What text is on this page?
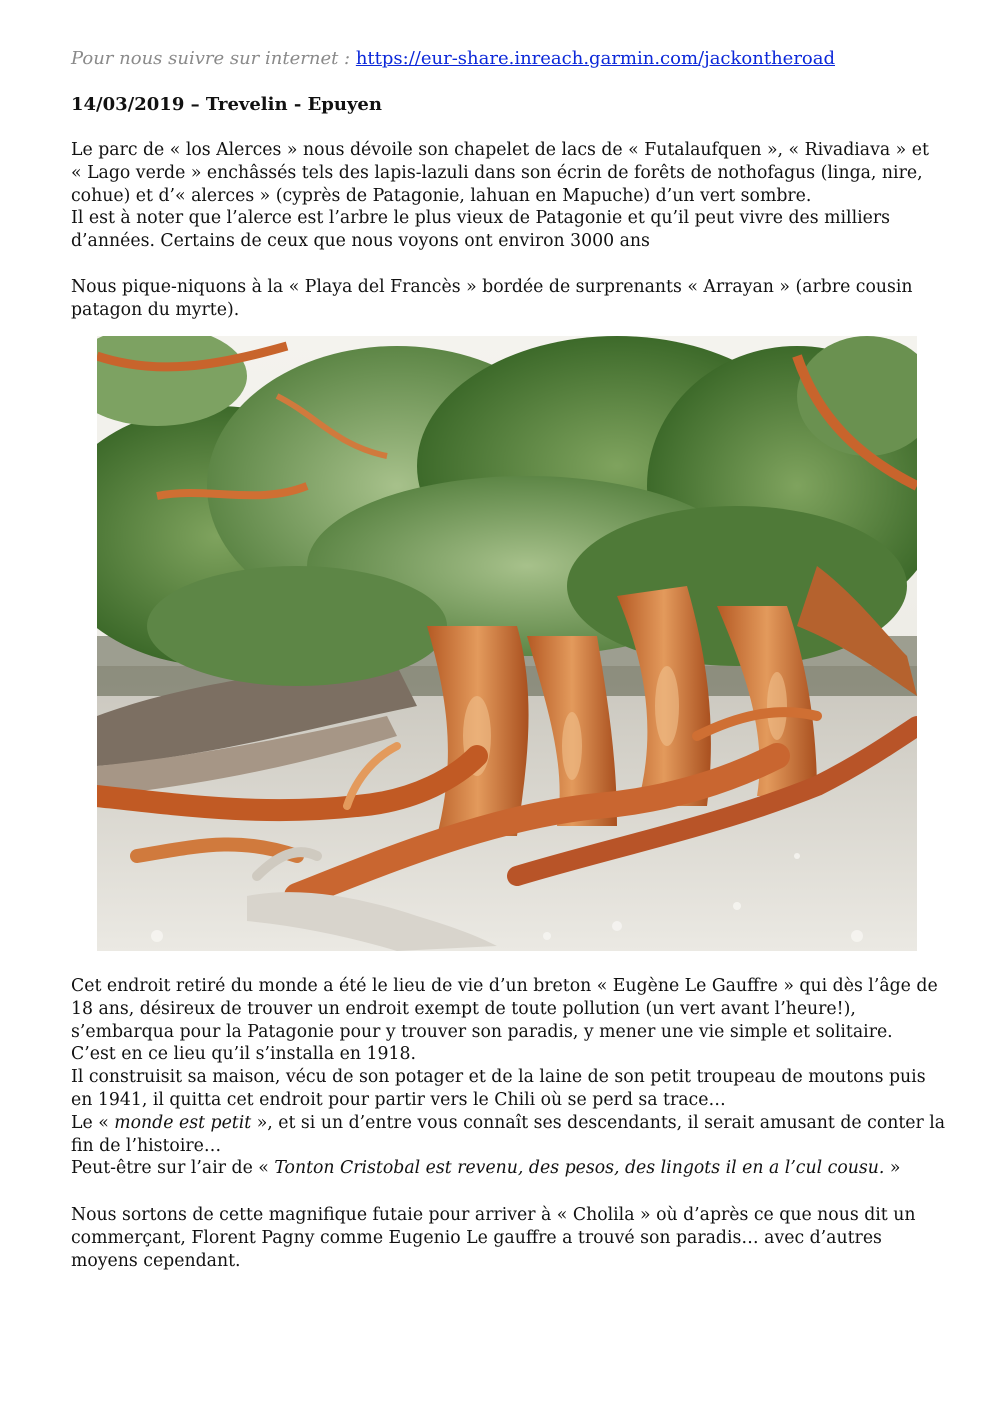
Pour nous suivre sur internet : https://eur-share.inreach.garmin.com/jackontheroad
14/03/2019 – Trevelin - Epuyen
Le parc de « los Alerces » nous dévoile son chapelet de lacs de « Futalaufquen », « Rivadiava » et
« Lago verde » enchâssés tels des lapis-lazuli dans son écrin de forêts de nothofagus (linga, nire,
cohue) et d’« alerces » (cyprès de Patagonie, lahuan en Mapuche) d’un vert sombre.
Il est à noter que l’alerce est l’arbre le plus vieux de Patagonie et qu’il peut vivre des milliers
d’années. Certains de ceux que nous voyons ont environ 3000 ans
Nous pique-niquons à la « Playa del Francès » bordée de surprenants « Arrayan » (arbre cousin
patagon du myrte).
Cet endroit retiré du monde a été le lieu de vie d’un breton « Eugène Le Gauffre » qui dès l’âge de
18 ans, désireux de trouver un endroit exempt de toute pollution (un vert avant l’heure!),
s’embarqua pour la Patagonie pour y trouver son paradis, y mener une vie simple et solitaire.
C’est en ce lieu qu’il s’installa en 1918.
Il construisit sa maison, vécu de son potager et de la laine de son petit troupeau de moutons puis
en 1941, il quitta cet endroit pour partir vers le Chili où se perd sa trace…
Le « monde est petit », et si un d’entre vous connaît ses descendants, il serait amusant de conter la
fin de l’histoire…
Peut-être sur l’air de « Tonton Cristobal est revenu, des pesos, des lingots il en a l’cul cousu. »
Nous sortons de cette magnifique futaie pour arriver à « Cholila » où d’après ce que nous dit un
commerçant, Florent Pagny comme Eugenio Le gauffre a trouvé son paradis… avec d’autres
moyens cependant.
